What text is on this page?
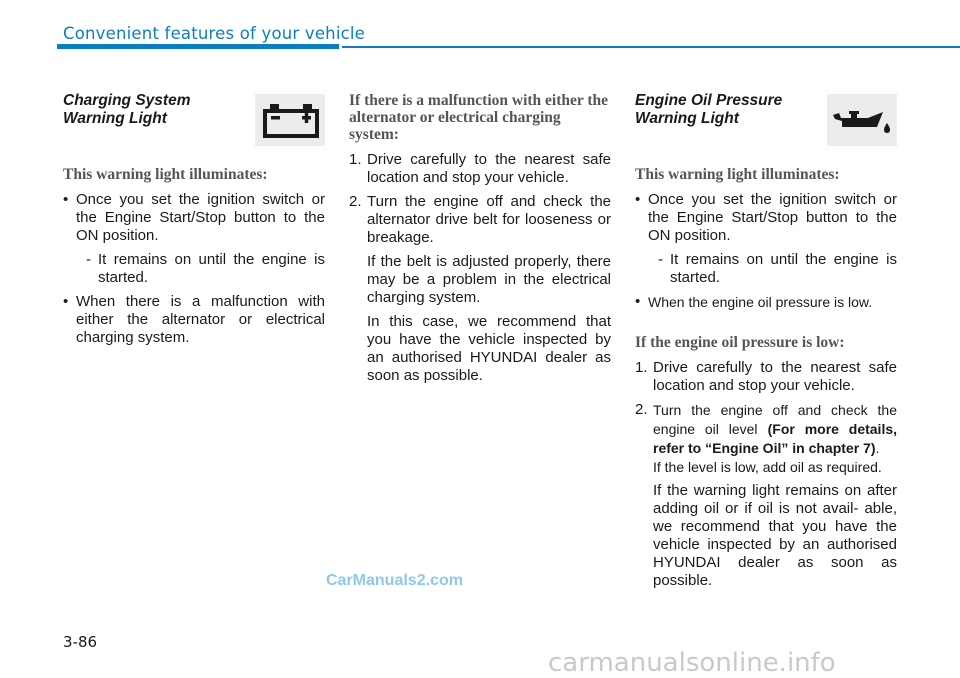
Convenient features of your vehicle
Charging System Warning Light
This warning light illuminates:
• Once you set the ignition switch or the Engine Start/Stop button to the ON position.
- It remains on until the engine is started.
• When there is a malfunction with either the alternator or electrical charging system.
If there is a malfunction with either the alternator or electrical charging system:
1. Drive carefully to the nearest safe location and stop your vehicle.
2. Turn the engine off and check the alternator drive belt for looseness or breakage.

If the belt is adjusted properly, there may be a problem in the electrical charging system.

In this case, we recommend that you have the vehicle inspected by an authorised HYUNDAI dealer as soon as possible.

Engine Oil Pressure Warning Light
This warning light illuminates:
• Once you set the ignition switch or the Engine Start/Stop button to the ON position.
- It remains on until the engine is started.
• When the engine oil pressure is low.
If the engine oil pressure is low:
1. Drive carefully to the nearest safe location and stop your vehicle.
2. Turn the engine off and check the engine oil level (For more details, refer to “Engine Oil” in chapter 7).
If the level is low, add oil as required.

If the warning light remains on after adding oil or if oil is not avail- able, we recommend that you have the vehicle inspected by an authorised HYUNDAI dealer as soon as possible.

3-86
CarManuals2.com
carmanualsonline.info
